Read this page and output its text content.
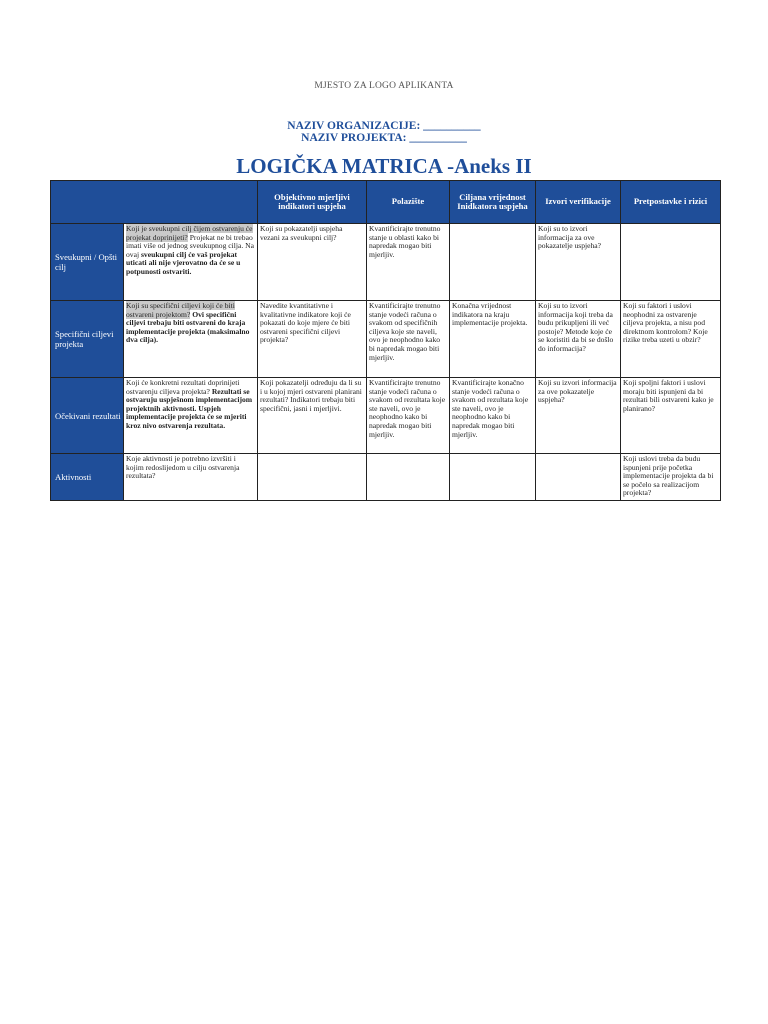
MJESTO ZA LOGO APLIKANTA
NAZIV ORGANIZACIJE: __________
NAZIV PROJEKTA: __________
LOGIČKA MATRICA -Aneks II
		Objektivno mjerljivi indikatori uspjeha	Polazište	Ciljana vrijednost Inidkatora uspjeha	Izvori verifikacije	Pretpostavke i rizici
Sveukupni / Opšti cilj	Koji je sveukupni cilj čijem ostvarenju će projekat doprinijeti? Projekat ne bi trebao imati više od jednog sveukupnog cilja. Na ovaj sveukupni cilj će vaš projekat uticati ali nije vjerovatno da će se u potpunosti ostvariti.	Koji su pokazatelji uspjeha vezani za sveukupni cilj?	Kvantificirajte trenutno stanje u oblasti kako bi napredak mogao biti mjerljiv.		Koji su to izvori informacija za ove pokazatelje uspjeha?	
Specifični ciljevi projekta	Koji su specifični ciljevi koji će biti ostvareni projektom? Ovi specifični ciljevi trebaju biti ostvareni do kraja implementacije projekta (maksimalno dva cilja).	Navedite kvantitativne i kvalitativne indikatore koji će pokazati do koje mjere će biti ostvareni specifični ciljevi projekta?	Kvantificirajte trenutno stanje vodeći računa o svakom od specifičnih ciljeva koje ste naveli, ovo je neophodno kako bi napredak mogao biti mjerljiv.	Konačna vrijednost indikatora na kraju implementacije projekta.	Koji su to izvori informacija koji treba da budu prikupljeni ili već postoje? Metode koje će se koristiti da bi se došlo do informacija?	Koji su faktori i uslovi neophodni za ostvarenje ciljeva projekta, a nisu pod direktnom kontrolom? Koje rizike treba uzeti u obzir?
Očekivani rezultati	Koji će konkretni rezultati doprinijeti ostvarenju ciljeva projekta? Rezultati se ostvaruju uspješnom implementacijom projektnih aktivnosti. Uspjeh implementacije projekta će se mjeriti kroz nivo ostvarenja rezultata.	Koji pokazatelji određuju da li su i u kojoj mjeri ostvareni planirani rezultati? Indikatori trebaju biti specifični, jasni i mjerljivi.	Kvantificirajte trenutno stanje vodeći računa o svakom od rezultata koje ste naveli, ovo je neophodno kako bi napredak mogao biti mjerljiv.	Kvantificirajte konačno stanje vodeći računa o svakom od rezultata koje ste naveli, ovo je neophodno kako bi napredak mogao biti mjerljiv.	Koji su izvori informacija za ove pokazatelje uspjeha?	Koji spoljni faktori i uslovi moraju biti ispunjeni da bi rezultati bili ostvareni kako je planirano?
Aktivnosti	Koje aktivnosti je potrebno izvršiti i kojim redoslijedom u cilju ostvarenja rezultata?					Koji uslovi treba da budu ispunjeni prije početka implementacije projekta da bi se počelo sa realizacijom projekta?
